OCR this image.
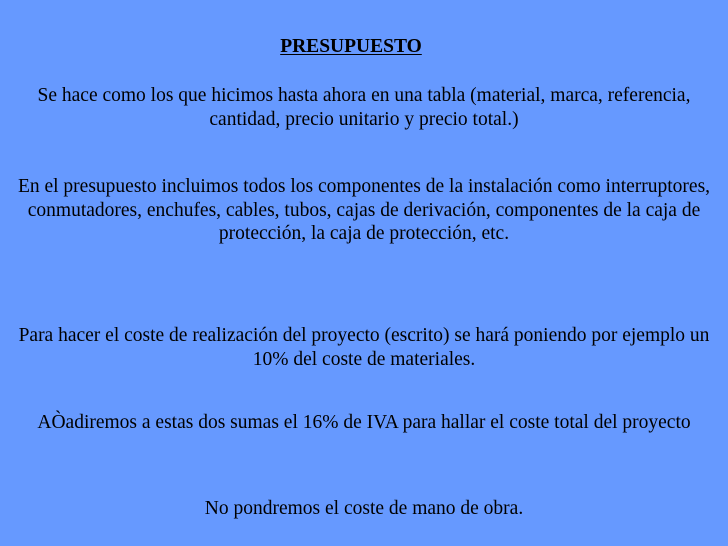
PRESUPUESTO

Se hace como los que hicimos hasta ahora en una tabla (material, marca, referencia, cantidad, precio unitario y precio total.)

En el presupuesto incluimos todos los componentes de la instalación como interruptores, conmutadores, enchufes, cables, tubos, cajas de derivación, componentes de la caja de protección, la caja de protección, etc.

Para hacer el coste de realización del proyecto (escrito) se hará poniendo por ejemplo un 10% del coste de materiales.

AÒadiremos a estas dos sumas el 16% de IVA para hallar el coste total del proyecto

No pondremos el coste de mano de obra.
